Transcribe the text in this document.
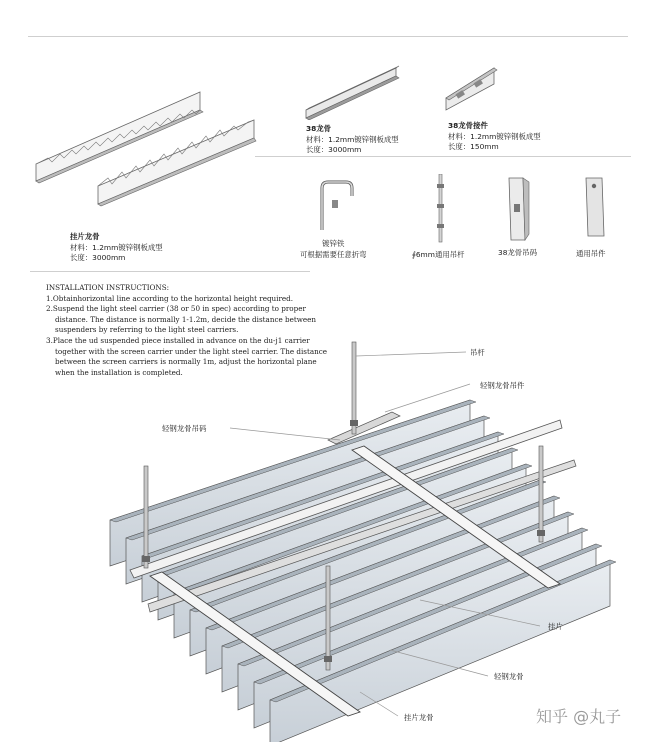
挂片龙骨
材料：1.2mm镀锌钢板成型
长度：3000mm
38龙骨
材料：1.2mm镀锌钢板成型
长度：3000mm
38龙骨接件
材料：1.2mm镀锌钢板成型
长度：150mm
镀锌铁
可根据需要任意折弯	∮6mm通用吊杆	38龙骨吊码	通用吊件

INSTALLATION INSTRUCTIONS:

1.Obtainhorizontal line according to the horizontal height required.

2.Suspend the light steel carrier (38 or 50 in spec) according to proper

distance. The distance is normally 1-1.2m, decide the distance between

suspenders by referring to the light steel carriers.

3.Place the ud suspended piece installed in advance on the du-j1 carrier

together with the screen carrier under the light steel carrier. The distance

between the screen carriers is normally 1m, adjust the horizontal plane

when the installation is completed.

吊杆
轻钢龙骨吊件
轻钢龙骨吊码
挂片
轻钢龙骨
挂片龙骨	知乎 @丸子
